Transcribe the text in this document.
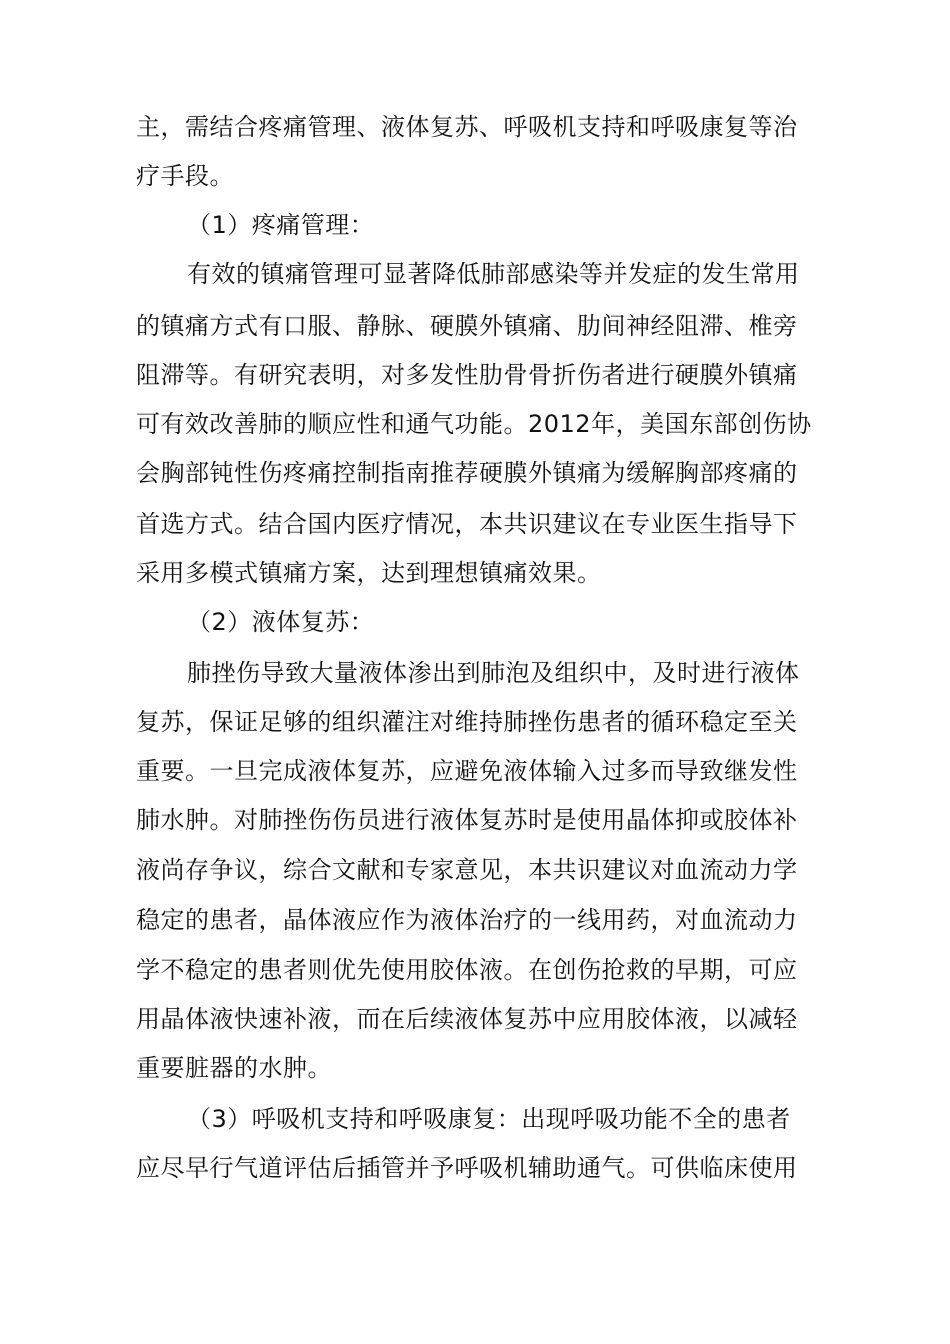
主，需结合疼痛管理、液体复苏、呼吸机支持和呼吸康复等治

疗手段。

（1）疼痛管理：

有效的镇痛管理可显著降低肺部感染等并发症的发生常用

的镇痛方式有口服、静脉、硬膜外镇痛、肋间神经阻滞、椎旁

阻滞等。有研究表明，对多发性肋骨骨折伤者进行硬膜外镇痛

可有效改善肺的顺应性和通气功能。2012年，美国东部创伤协

会胸部钝性伤疼痛控制指南推荐硬膜外镇痛为缓解胸部疼痛的

首选方式。结合国内医疗情况，本共识建议在专业医生指导下

采用多模式镇痛方案，达到理想镇痛效果。

（2）液体复苏：

肺挫伤导致大量液体渗出到肺泡及组织中，及时进行液体

复苏，保证足够的组织灌注对维持肺挫伤患者的循环稳定至关

重要。一旦完成液体复苏，应避免液体输入过多而导致继发性

肺水肿。对肺挫伤伤员进行液体复苏时是使用晶体抑或胶体补

液尚存争议，综合文献和专家意见，本共识建议对血流动力学

稳定的患者，晶体液应作为液体治疗的一线用药，对血流动力

学不稳定的患者则优先使用胶体液。在创伤抢救的早期，可应

用晶体液快速补液，而在后续液体复苏中应用胶体液，以减轻

重要脏器的水肿。

（3）呼吸机支持和呼吸康复：出现呼吸功能不全的患者

应尽早行气道评估后插管并予呼吸机辅助通气。可供临床使用
